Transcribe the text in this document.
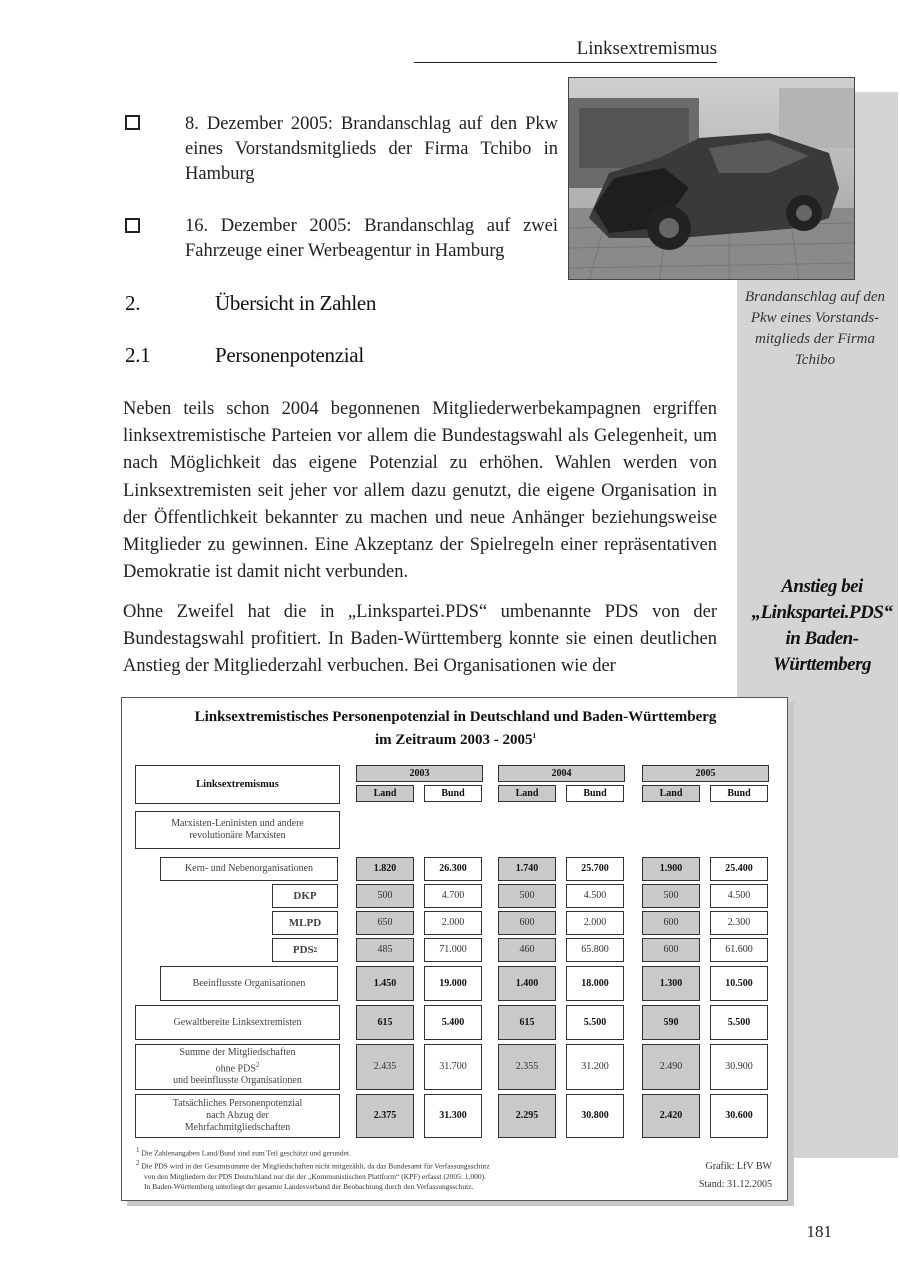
Linksextremismus
Brandanschlag auf den
Pkw eines Vorstands-
mitglieds der Firma
Tchibo
8. Dezember 2005: Brandanschlag auf den Pkw eines Vorstandsmitglieds der Firma Tchibo in Hamburg
16. Dezember 2005: Brandanschlag auf zwei Fahrzeuge einer Werbeagentur in Hamburg
2.	Übersicht in Zahlen
2.1	Personenpotenzial
Neben teils schon 2004 begonnenen Mitgliederwerbekampagnen ergriffen linksextremistische Parteien vor allem die Bundestagswahl als Gelegenheit, um nach Möglichkeit das eigene Potenzial zu erhöhen. Wahlen werden von Linksextremisten seit jeher vor allem dazu genutzt, die eigene Organisation in der Öffentlichkeit bekannter zu machen und neue Anhänger beziehungsweise Mitglieder zu gewinnen. Eine Akzeptanz der Spielregeln einer repräsentativen Demokratie ist damit nicht verbunden.
Ohne Zweifel hat die in „Linkspartei.PDS“ umbenannte PDS von der Bundestagswahl profitiert. In Baden-Württemberg konnte sie einen deutlichen Anstieg der Mitgliederzahl verbuchen. Bei Organisationen wie der
Anstieg bei
„Linkspartei.PDS“
in Baden-
Württemberg
Linksextremistisches Personenpotenzial in Deutschland und Baden-Württemberg
im Zeitraum 2003 - 2005$^1$
Linksextremismus
2003
Land	Bund
2004
Land	Bund
2005
Land	Bund
Marxisten-Leninisten und andere revolutionäre Marxisten
Kern- und Nebenorganisationen	1.820	26.300	1.740	25.700	1.900	25.400
DKP	500	4.700	500	4.500	500	4.500
MLPD	650	2.000	600	2.000	600	2.300
PDS 2	485	71.000	460	65.800	600	61.600
Beeinflusste Organisationen	1.450	19.000	1.400	18.000	1.300	10.500
Gewaltbereite Linksextremisten	615	5.400	615	5.500	590	5.500
Summe der Mitgliedschaften
ohne PDS$^2$
und beeinflusste Organisationen
2.435	31.700	2.355	31.200	2.490	30.900
Tatsächliches Personenpotenzial
nach Abzug der
Mehrfachmitgliedschaften
2.375	31.300	2.295	30.800	2.420	30.600
1 Die Zahlenangaben Land/Bund sind zum Teil geschätzt und gerundet.
2 Die PDS wird in der Gesamtsumme der Mitgliedschaften nicht mitgezählt, da das Bundesamt für Verfassungsschutz
von den Mitgliedern der PDS Deutschland nur die der „Kommunistischen Plattform“ (KPF) erfasst (2005: 1.000).
In Baden-Württemberg unterliegt der gesamte Landesverband der Beobachtung durch den Verfassungsschutz.
Grafik: LfV BW
Stand: 31.12.2005
181
